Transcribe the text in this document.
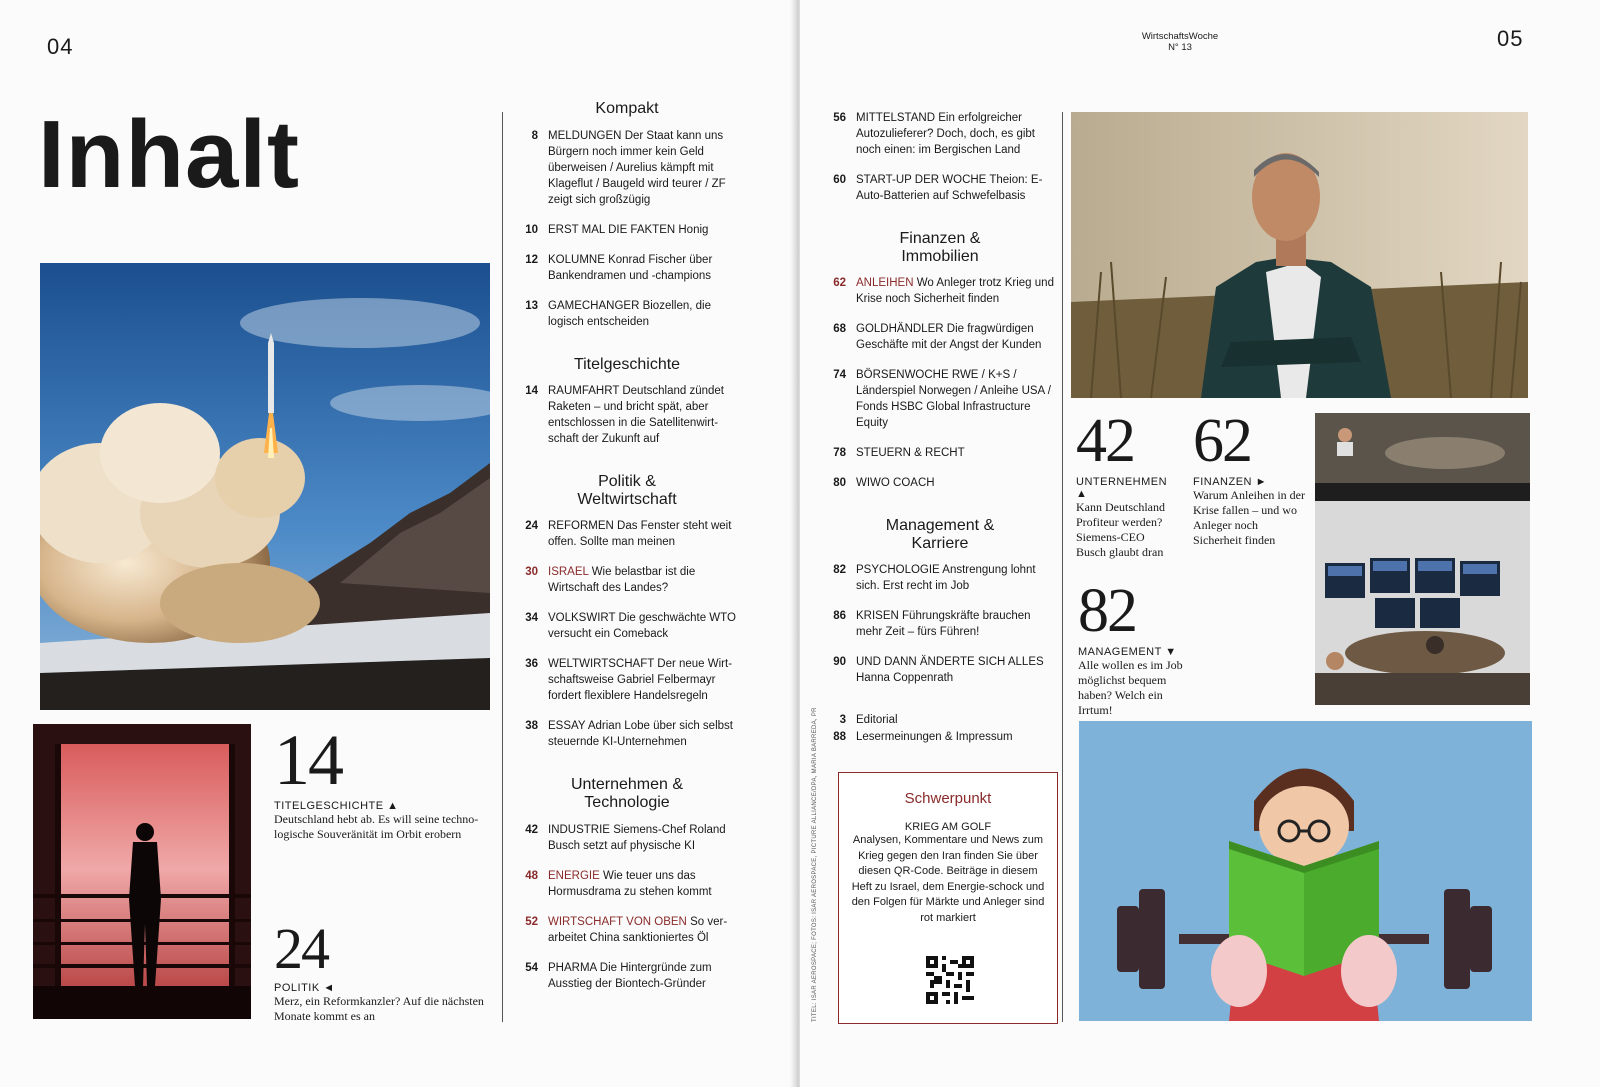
04
Inhalt
14
TITELGESCHICHTE ▲
Deutschland hebt ab. Es will seine techno-logische Souveränität im Orbit erobern
24
POLITIK ◄
Merz, ein Reformkanzler? Auf die nächsten Monate kommt es an
Kompakt
8 MELDUNGEN Der Staat kann uns Bürgern noch immer kein Geld überweisen / Aurelius kämpft mit Klageflut / Baugeld wird teurer / ZF zeigt sich großzügig
10 ERST MAL DIE FAKTEN Honig
12 KOLUMNE Konrad Fischer über Bankendramen und -champions
13 GAMECHANGER Biozellen, die logisch entscheiden
Titelgeschichte
14 RAUMFAHRT Deutschland zündet Raketen – und bricht spät, aber entschlossen in die Satellitenwirt-schaft der Zukunft auf
Politik &
Weltwirtschaft
24 REFORMEN Das Fenster steht weit offen. Sollte man meinen
30 ISRAEL Wie belastbar ist die Wirtschaft des Landes?
34 VOLKSWIRT Die geschwächte WTO versucht ein Comeback
36 WELTWIRTSCHAFT Der neue Wirt-schaftsweise Gabriel Felbermayr fordert flexiblere Handelsregeln
38 ESSAY Adrian Lobe über sich selbst steuernde KI-Unternehmen
Unternehmen &
Technologie
42 INDUSTRIE Siemens-Chef Roland Busch setzt auf physische KI
48 ENERGIE Wie teuer uns das Hormusdrama zu stehen kommt
52 WIRTSCHAFT VON OBEN So ver-arbeitet China sanktioniertes Öl
54 PHARMA Die Hintergründe zum Ausstieg der Biontech-Gründer
WirtschaftsWoche
N° 13	05
56 MITTELSTAND Ein erfolgreicher Autozulieferer? Doch, doch, es gibt noch einen: im Bergischen Land
60 START-UP DER WOCHE Theion: E-Auto-Batterien auf Schwefelbasis
Finanzen &
Immobilien
62 ANLEIHEN Wo Anleger trotz Krieg und Krise noch Sicherheit finden
68 GOLDHÄNDLER Die fragwürdigen Geschäfte mit der Angst der Kunden
74 BÖRSENWOCHE RWE / K+S / Länderspiel Norwegen / Anleihe USA / Fonds HSBC Global Infrastructure Equity
78 STEUERN & RECHT
80 WIWO COACH
Management &
Karriere
82 PSYCHOLOGIE Anstrengung lohnt sich. Erst recht im Job
86 KRISEN Führungskräfte brauchen mehr Zeit – fürs Führen!
90 UND DANN ÄNDERTE SICH ALLES Hanna Coppenrath
3 Editorial
88 Lesermeinungen & Impressum
TITEL: ISAR AEROSPACE; FOTOS: ISAR AEROSPACE, PICTURE ALLIANCE/DPA, MARIA BARREDA, PR	Schwerpunkt
KRIEG AM GOLF
Analysen, Kommentare und News zum Krieg gegen den Iran finden Sie über diesen QR-Code. Beiträge in diesem Heft zu Israel, dem Energie-schock und den Folgen für Märkte und Anleger sind rot markiert
42
UNTERNEHMEN ▲
Kann Deutschland Profiteur werden? Siemens-CEO Busch glaubt dran
62
FINANZEN ►
Warum Anleihen in der Krise fallen – und wo Anleger noch Sicherheit finden
82
MANAGEMENT ▼
Alle wollen es im Job möglichst bequem haben? Welch ein Irrtum!
